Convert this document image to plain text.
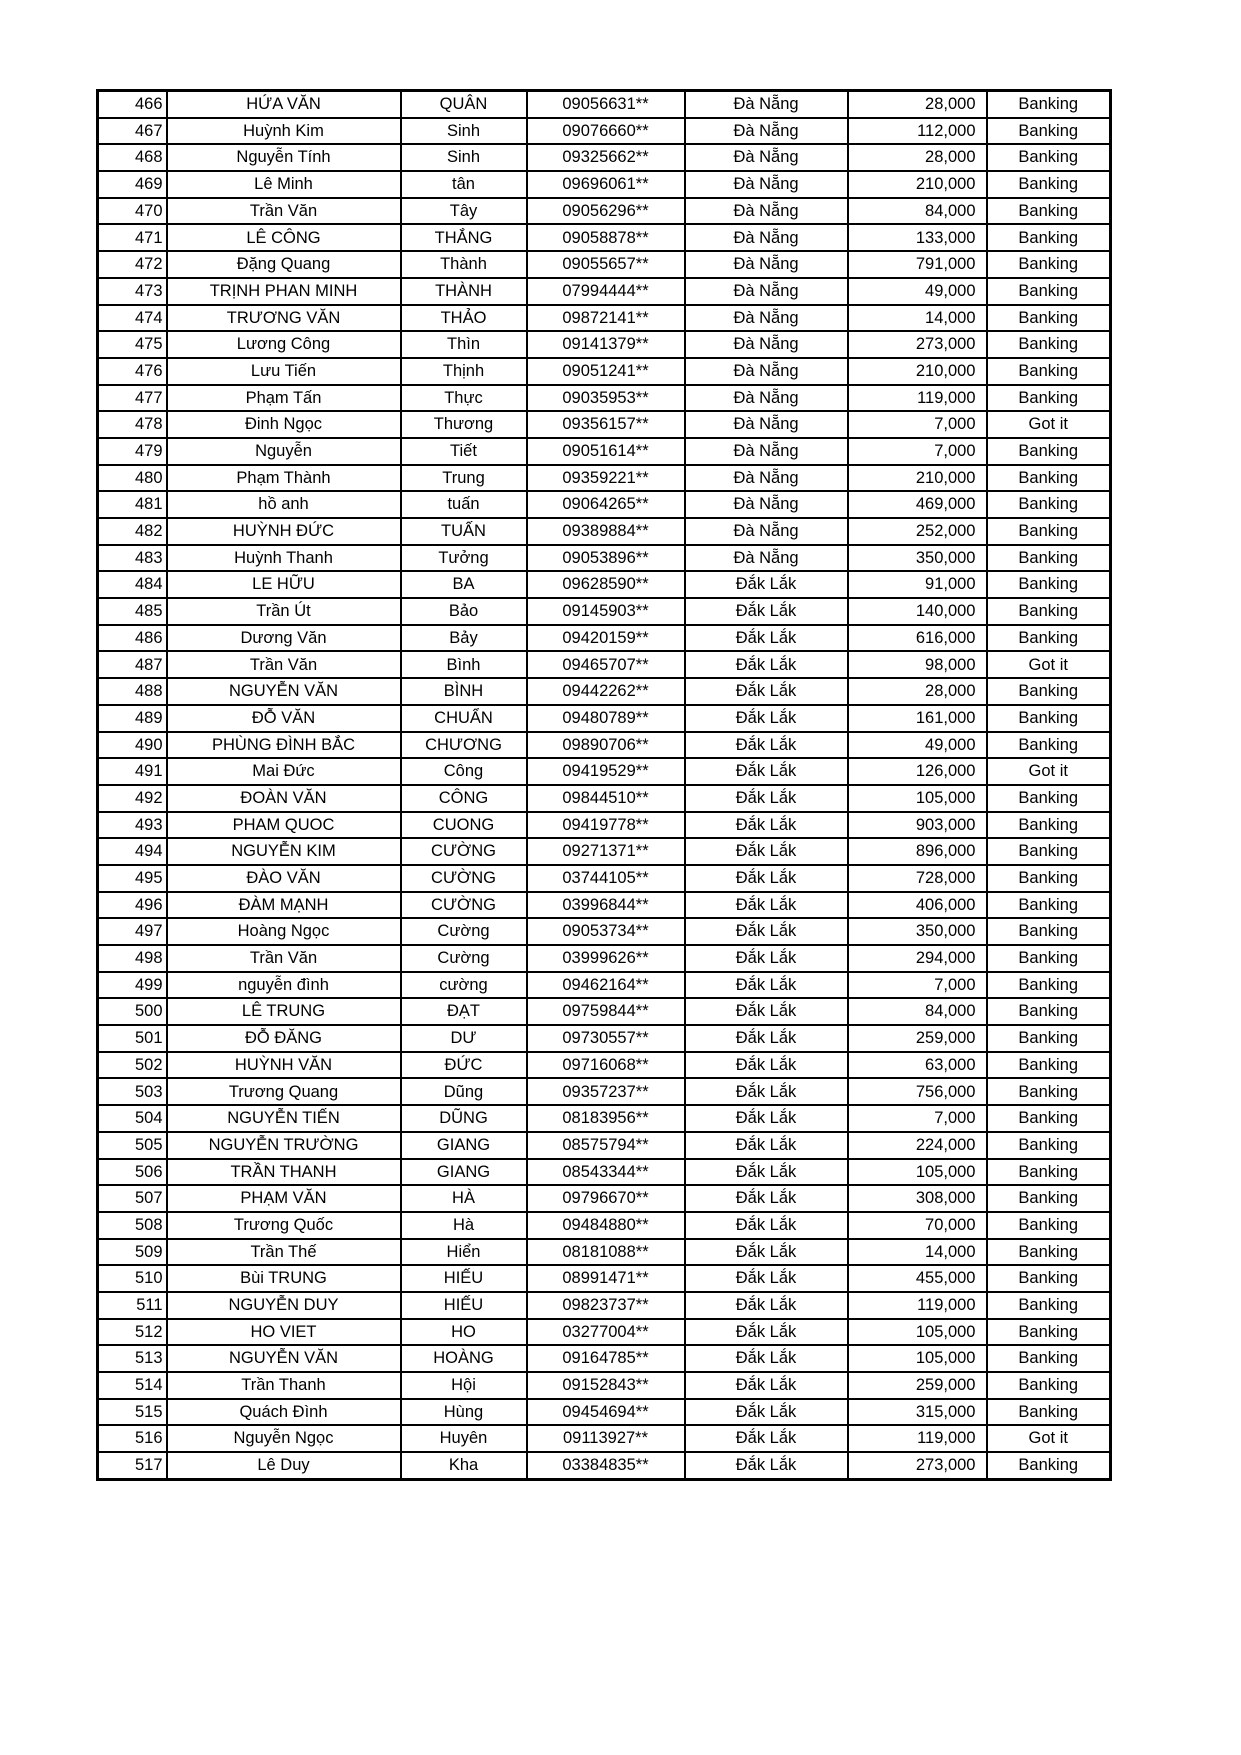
466	HỨA VĂN	QUÂN	09056631**	Đà Nẵng	28,000	Banking
467	Huỳnh Kim	Sinh	09076660**	Đà Nẵng	112,000	Banking
468	Nguyễn Tính	Sinh	09325662**	Đà Nẵng	28,000	Banking
469	Lê Minh	tân	09696061**	Đà Nẵng	210,000	Banking
470	Trần Văn	Tây	09056296**	Đà Nẵng	84,000	Banking
471	LÊ CÔNG	THẮNG	09058878**	Đà Nẵng	133,000	Banking
472	Đặng Quang	Thành	09055657**	Đà Nẵng	791,000	Banking
473	TRỊNH PHAN MINH	THÀNH	07994444**	Đà Nẵng	49,000	Banking
474	TRƯƠNG VĂN	THẢO	09872141**	Đà Nẵng	14,000	Banking
475	Lương Công	Thìn	09141379**	Đà Nẵng	273,000	Banking
476	Lưu Tiến	Thịnh	09051241**	Đà Nẵng	210,000	Banking
477	Phạm Tấn	Thực	09035953**	Đà Nẵng	119,000	Banking
478	Đinh Ngọc	Thương	09356157**	Đà Nẵng	7,000	Got it
479	Nguyễn	Tiết	09051614**	Đà Nẵng	7,000	Banking
480	Phạm Thành	Trung	09359221**	Đà Nẵng	210,000	Banking
481	hồ anh	tuấn	09064265**	Đà Nẵng	469,000	Banking
482	HUỲNH ĐỨC	TUẤN	09389884**	Đà Nẵng	252,000	Banking
483	Huỳnh Thanh	Tưởng	09053896**	Đà Nẵng	350,000	Banking
484	LE HỮU	BA	09628590**	Đắk Lắk	91,000	Banking
485	Trần Út	Bảo	09145903**	Đắk Lắk	140,000	Banking
486	Dương Văn	Bảy	09420159**	Đắk Lắk	616,000	Banking
487	Trần Văn	Bình	09465707**	Đắk Lắk	98,000	Got it
488	NGUYỄN VĂN	BÌNH	09442262**	Đắk Lắk	28,000	Banking
489	ĐỖ VĂN	CHUẨN	09480789**	Đắk Lắk	161,000	Banking
490	PHÙNG ĐÌNH BẮC	CHƯƠNG	09890706**	Đắk Lắk	49,000	Banking
491	Mai Đức	Công	09419529**	Đắk Lắk	126,000	Got it
492	ĐOÀN VĂN	CÔNG	09844510**	Đắk Lắk	105,000	Banking
493	PHAM QUOC	CUONG	09419778**	Đắk Lắk	903,000	Banking
494	NGUYỄN KIM	CƯỜNG	09271371**	Đắk Lắk	896,000	Banking
495	ĐÀO VĂN	CƯỜNG	03744105**	Đắk Lắk	728,000	Banking
496	ĐÀM MẠNH	CƯỜNG	03996844**	Đắk Lắk	406,000	Banking
497	Hoàng Ngọc	Cường	09053734**	Đắk Lắk	350,000	Banking
498	Trần Văn	Cường	03999626**	Đắk Lắk	294,000	Banking
499	nguyễn đình	cường	09462164**	Đắk Lắk	7,000	Banking
500	LÊ TRUNG	ĐẠT	09759844**	Đắk Lắk	84,000	Banking
501	ĐỖ ĐĂNG	DƯ	09730557**	Đắk Lắk	259,000	Banking
502	HUỲNH VĂN	ĐỨC	09716068**	Đắk Lắk	63,000	Banking
503	Trương Quang	Dũng	09357237**	Đắk Lắk	756,000	Banking
504	NGUYỄN TIẾN	DŨNG	08183956**	Đắk Lắk	7,000	Banking
505	NGUYỄN TRƯỜNG	GIANG	08575794**	Đắk Lắk	224,000	Banking
506	TRẦN THANH	GIANG	08543344**	Đắk Lắk	105,000	Banking
507	PHẠM VĂN	HÀ	09796670**	Đắk Lắk	308,000	Banking
508	Trương Quốc	Hà	09484880**	Đắk Lắk	70,000	Banking
509	Trần Thế	Hiển	08181088**	Đắk Lắk	14,000	Banking
510	Bùi TRUNG	HIẾU	08991471**	Đắk Lắk	455,000	Banking
511	NGUYỄN DUY	HIẾU	09823737**	Đắk Lắk	119,000	Banking
512	HO VIET	HO	03277004**	Đắk Lắk	105,000	Banking
513	NGUYỄN VĂN	HOÀNG	09164785**	Đắk Lắk	105,000	Banking
514	Trần Thanh	Hội	09152843**	Đắk Lắk	259,000	Banking
515	Quách Đình	Hùng	09454694**	Đắk Lắk	315,000	Banking
516	Nguyễn Ngọc	Huyên	09113927**	Đắk Lắk	119,000	Got it
517	Lê Duy	Kha	03384835**	Đắk Lắk	273,000	Banking
